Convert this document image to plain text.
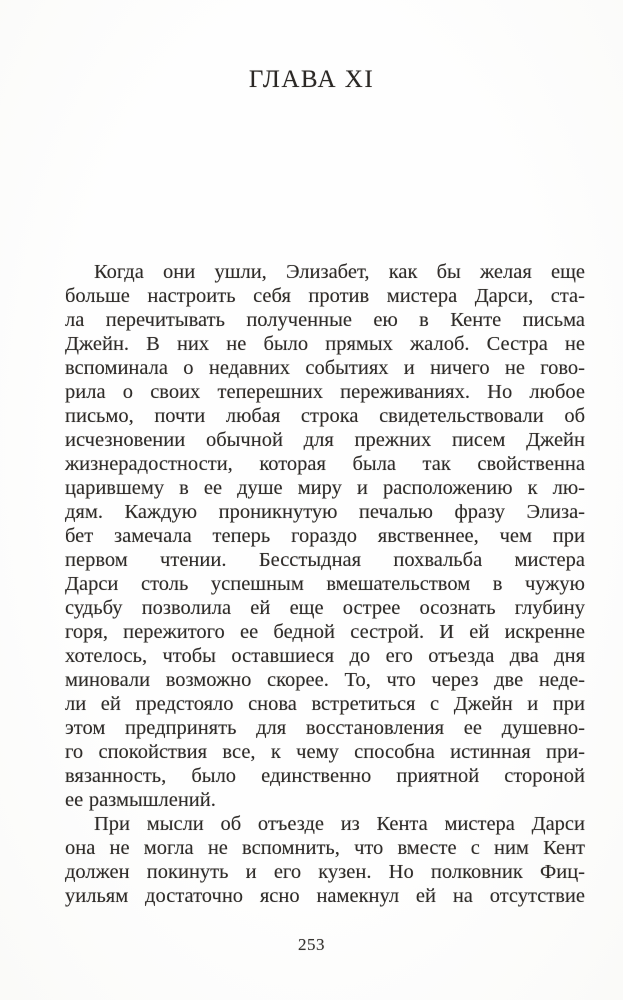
ГЛАВА XI
Когда они ушли, Элизабет, как бы желая еще
больше настроить себя против мистера Дарси, ста-
ла перечитывать полученные ею в Кенте письма
Джейн. В них не было прямых жалоб. Сестра не
вспоминала о недавних событиях и ничего не гово-
рила о своих теперешних переживаниях. Но любое
письмо, почти любая строка свидетельствовали об
исчезновении обычной для прежних писем Джейн
жизнерадостности, которая была так свойственна
царившему в ее душе миру и расположению к лю-
дям. Каждую проникнутую печалью фразу Элиза-
бет замечала теперь гораздо явственнее, чем при
первом чтении. Бесстыдная похвальба мистера
Дарси столь успешным вмешательством в чужую
судьбу позволила ей еще острее осознать глубину
горя, пережитого ее бедной сестрой. И ей искренне
хотелось, чтобы оставшиеся до его отъезда два дня
миновали возможно скорее. То, что через две неде-
ли ей предстояло снова встретиться с Джейн и при
этом предпринять для восстановления ее душевно-
го спокойствия все, к чему способна истинная при-
вязанность, было единственно приятной стороной
ее размышлений.
При мысли об отъезде из Кента мистера Дарси
она не могла не вспомнить, что вместе с ним Кент
должен покинуть и его кузен. Но полковник Фиц-
уильям достаточно ясно намекнул ей на отсутствие
253
